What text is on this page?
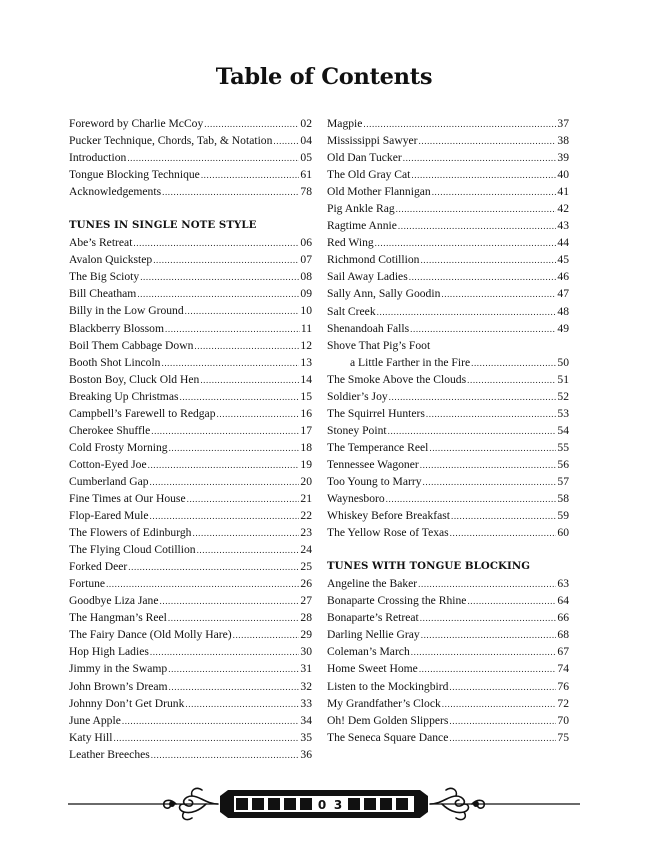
Table of Contents
Foreword by Charlie McCoy .....	02
Pucker Technique, Chords, Tab, & Notation ..... 04
Introduction .....	05
Tongue Blocking Technique .....	61
Acknowledgements .....	78
TUNES IN SINGLE NOTE STYLE
Abe’s Retreat .....	06
Avalon Quickstep .....	07
The Big Scioty .....	08
Bill Cheatham .....	09
Billy in the Low Ground .....	10
Blackberry Blossom .....	11
Boil Them Cabbage Down .....	12
Booth Shot Lincoln .....	13
Boston Boy, Cluck Old Hen .....	14
Breaking Up Christmas .....	15
Campbell’s Farewell to Redgap .....	16
Cherokee Shuffle .....	17
Cold Frosty Morning .....	18
Cotton-Eyed Joe .....	19
Cumberland Gap .....	20
Fine Times at Our House .....	21
Flop-Eared Mule .....	22
The Flowers of Edinburgh .....	23
The Flying Cloud Cotillion .....	24
Forked Deer .....	25
Fortune .....	26
Goodbye Liza Jane .....	27
The Hangman’s Reel .....	28
The Fairy Dance (Old Molly Hare) .....	29
Hop High Ladies .....	30
Jimmy in the Swamp .....	31
John Brown’s Dream .....	32
Johnny Don’t Get Drunk .....	33
June Apple .....	34
Katy Hill .....	35
Leather Breeches .....	36
Magpie .....	37
Mississippi Sawyer .....	38
Old Dan Tucker .....	39
The Old Gray Cat .....	40
Old Mother Flannigan .....	41
Pig Ankle Rag .....	42
Ragtime Annie .....	43
Red Wing .....	44
Richmond Cotillion .....	45
Sail Away Ladies .....	46
Sally Ann, Sally Goodin .....	47
Salt Creek .....	48
Shenandoah Falls .....	49
Shove That Pig’s Foot
a Little Farther in the Fire .....	50
The Smoke Above the Clouds .....	51
Soldier’s Joy .....	52
The Squirrel Hunters .....	53
Stoney Point .....	54
The Temperance Reel .....	55
Tennessee Wagoner .....	56
Too Young to Marry .....	57
Waynesboro .....	58
Whiskey Before Breakfast .....	59
The Yellow Rose of Texas .....	60
TUNES WITH TONGUE BLOCKING
Angeline the Baker .....	63
Bonaparte Crossing the Rhine .....	64
Bonaparte’s Retreat .....	66
Darling Nellie Gray .....	68
Coleman’s March .....	67
Home Sweet Home .....	74
Listen to the Mockingbird .....	76
My Grandfather’s Clock .....	72
Oh! Dem Golden Slippers .....	70
The Seneca Square Dance .....	75
0 3
